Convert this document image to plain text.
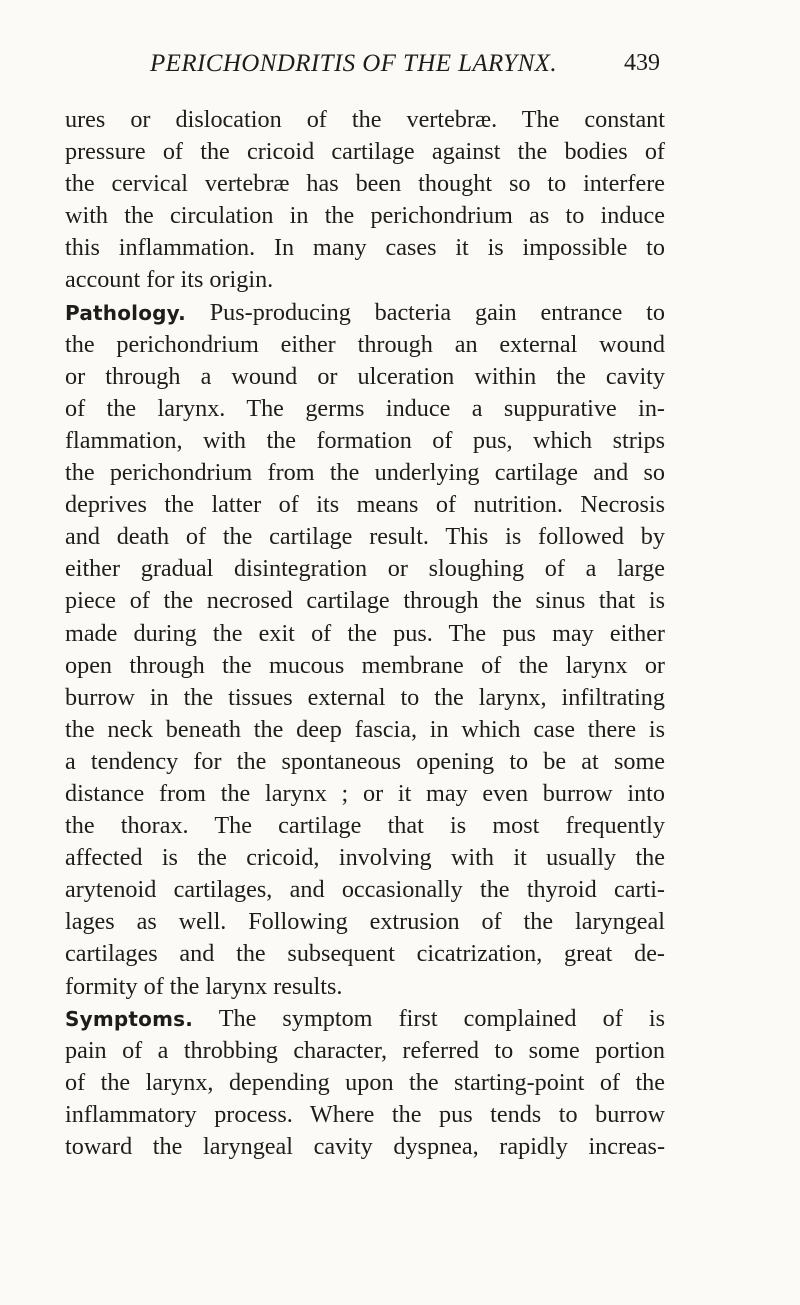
PERICHONDRITIS OF THE LARYNX.	439
ures or dislocation of the vertebræ. The constant
pressure of the cricoid cartilage against the bodies of
the cervical vertebræ has been thought so to interfere
with the circulation in the perichondrium as to induce
this inflammation. In many cases it is impossible to
account for its origin.
Pathology. Pus-producing bacteria gain entrance to
the perichondrium either through an external wound
or through a wound or ulceration within the cavity
of the larynx. The germs induce a suppurative in-
flammation, with the formation of pus, which strips
the perichondrium from the underlying cartilage and so
deprives the latter of its means of nutrition. Necrosis
and death of the cartilage result. This is followed by
either gradual disintegration or sloughing of a large
piece of the necrosed cartilage through the sinus that is
made during the exit of the pus. The pus may either
open through the mucous membrane of the larynx or
burrow in the tissues external to the larynx, infiltrating
the neck beneath the deep fascia, in which case there is
a tendency for the spontaneous opening to be at some
distance from the larynx ; or it may even burrow into
the thorax. The cartilage that is most frequently
affected is the cricoid, involving with it usually the
arytenoid cartilages, and occasionally the thyroid carti-
lages as well. Following extrusion of the laryngeal
cartilages and the subsequent cicatrization, great de-
formity of the larynx results.
Symptoms. The symptom first complained of is
pain of a throbbing character, referred to some portion
of the larynx, depending upon the starting-point of the
inflammatory process. Where the pus tends to burrow
toward the laryngeal cavity dyspnea, rapidly increas-
